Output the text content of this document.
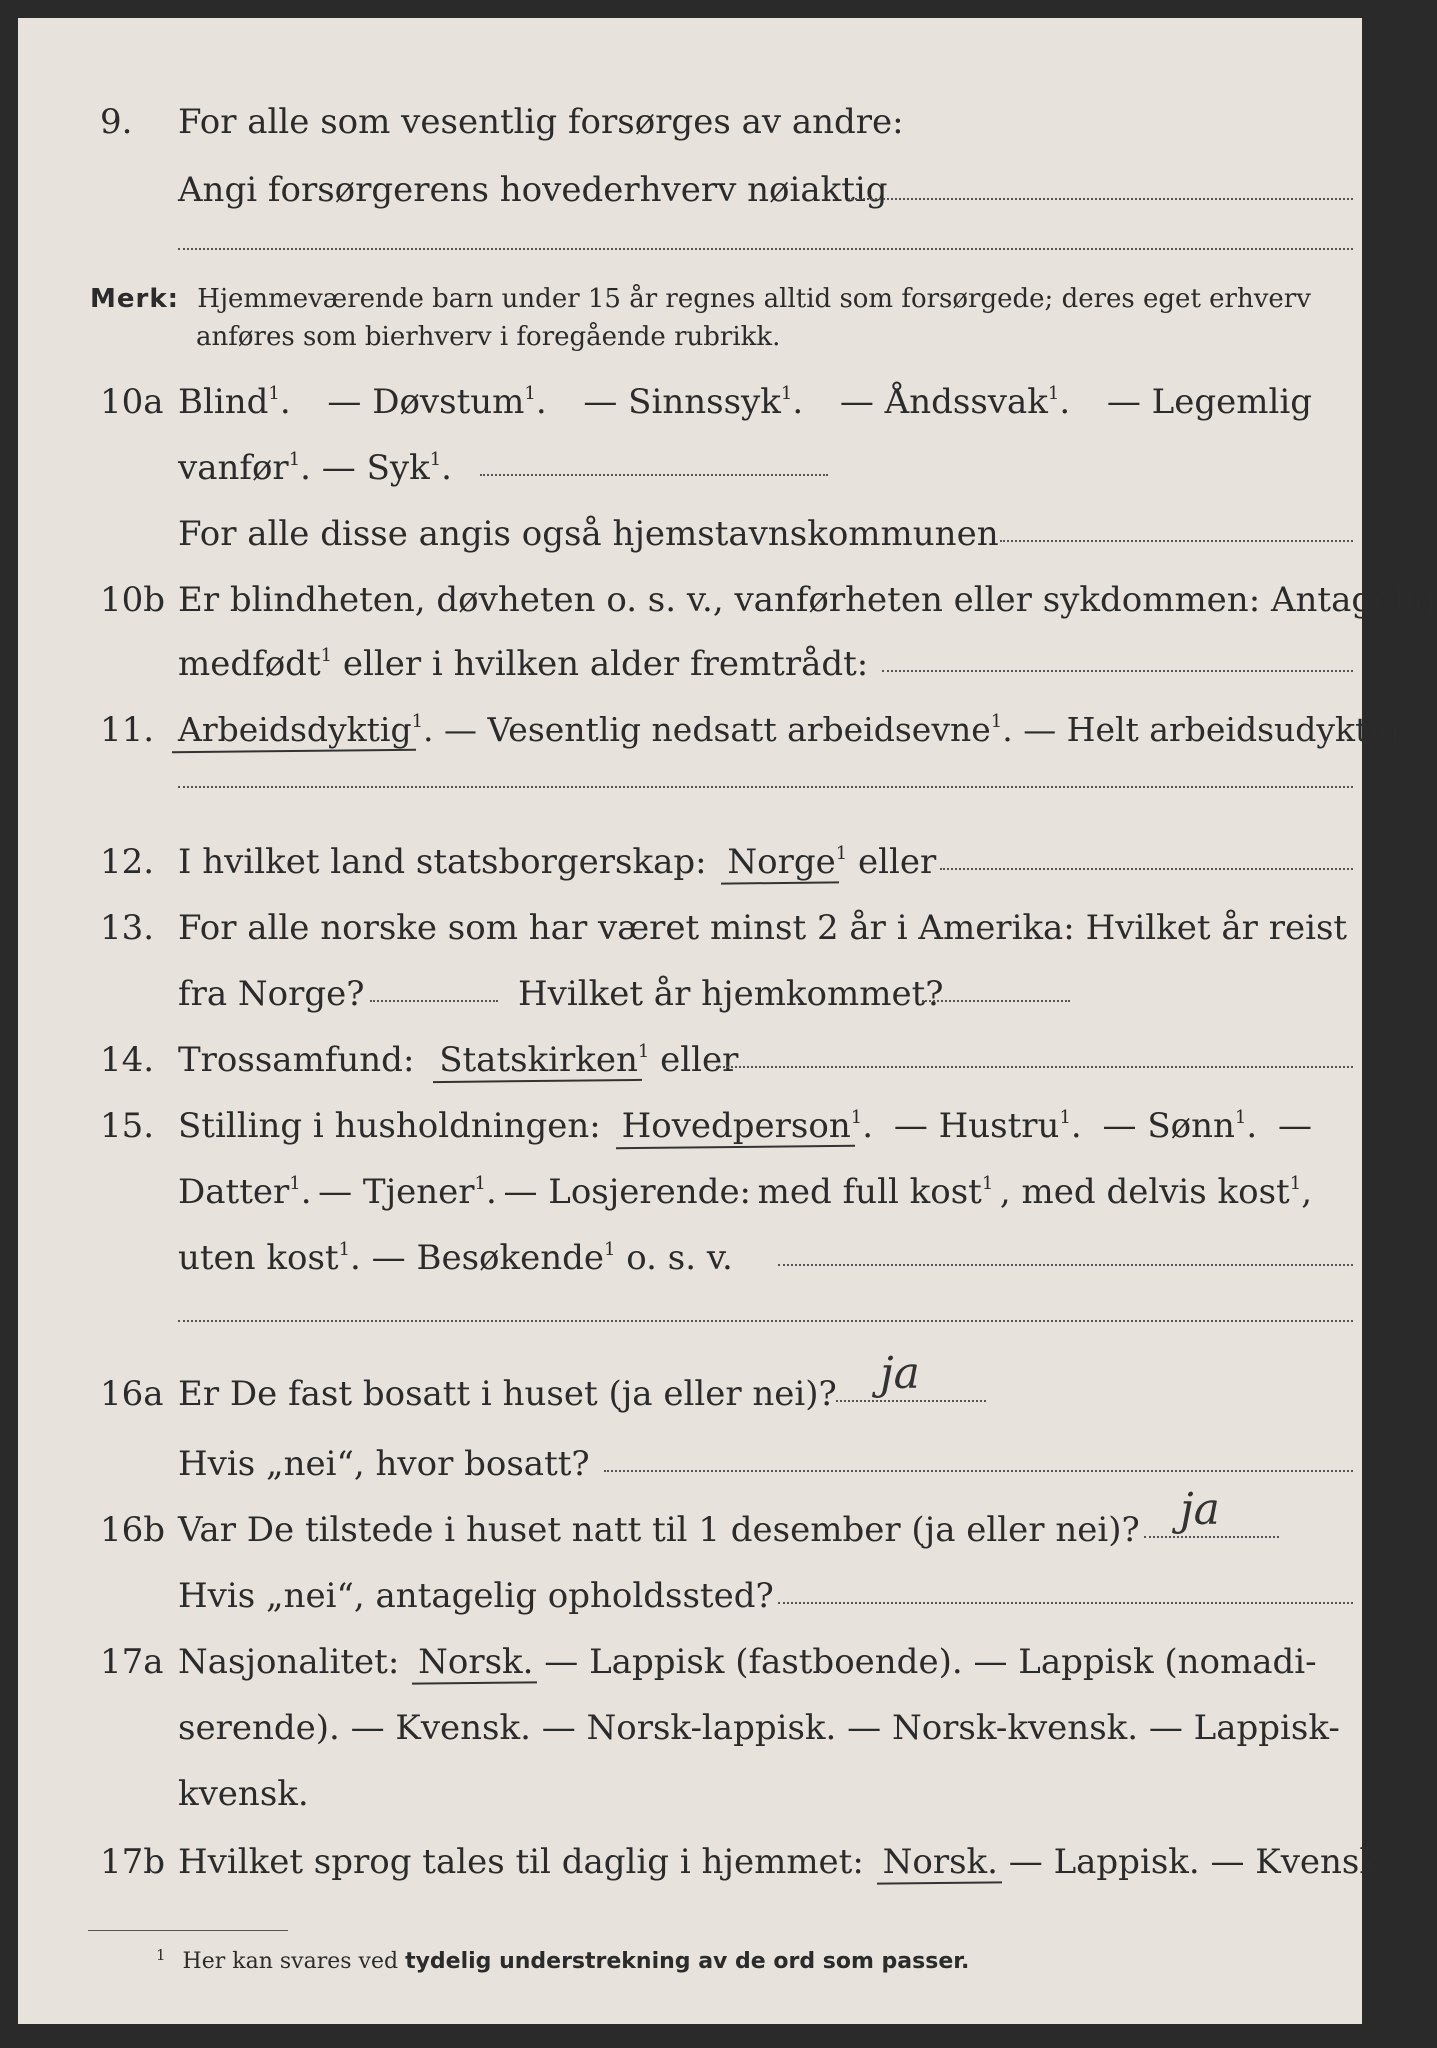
9.	For alle som vesentlig forsørges av andre:
Angi forsørgerens hovederhverv nøiaktig
Merk: Hjemmeværende barn under 15 år regnes alltid som forsørgede; deres eget erhverv
anføres som bierhverv i foregående rubrikk.
10a Blind$^1$. — Døvstum$^1$. — Sinnssyk$^1$. — Åndssvak$^1$. — Legemlig
vanfør$^1$. — Syk$^1$.
For alle disse angis også hjemstavnskommunen
10b Er blindheten, døvheten o. s. v., vanførheten eller sykdommen: Antagelig
medfødt$^1$ eller i hvilken alder fremtrådt:
11. Arbeidsdyktig$^1$. — Vesentlig nedsatt arbeidsevne$^1$. — Helt arbeidsudyktig$^1$.
12. I hvilket land statsborgerskap: Norge$^1$ eller
13. For alle norske som har været minst 2 år i Amerika: Hvilket år reist
fra Norge?	Hvilket år hjemkommet?
14. Trossamfund: Statskirken$^1$ eller
15. Stilling i husholdningen: Hovedperson$^1$. — Hustru$^1$. — Sønn$^1$. —
Datter$^1$. — Tjener$^1$. — Losjerende: med full kost$^1$ , med delvis kost$^1$,
uten kost$^1$. — Besøkende$^1$ o. s. v.
16a Er De fast bosatt i huset (ja eller nei)? ja
Hvis „nei“, hvor bosatt?
16b Var De tilstede i huset natt til 1 desember (ja eller nei)? ja
Hvis „nei“, antagelig opholdssted?
17a Nasjonalitet: Norsk. — Lappisk (fastboende). — Lappisk (nomadi-
serende). — Kvensk. — Norsk-lappisk. — Norsk-kvensk. — Lappisk-
kvensk.
17b Hvilket sprog tales til daglig i hjemmet: Norsk. — Lappisk. — Kvensk.
$^1$ Her kan svares ved tydelig understrekning av de ord som passer.
